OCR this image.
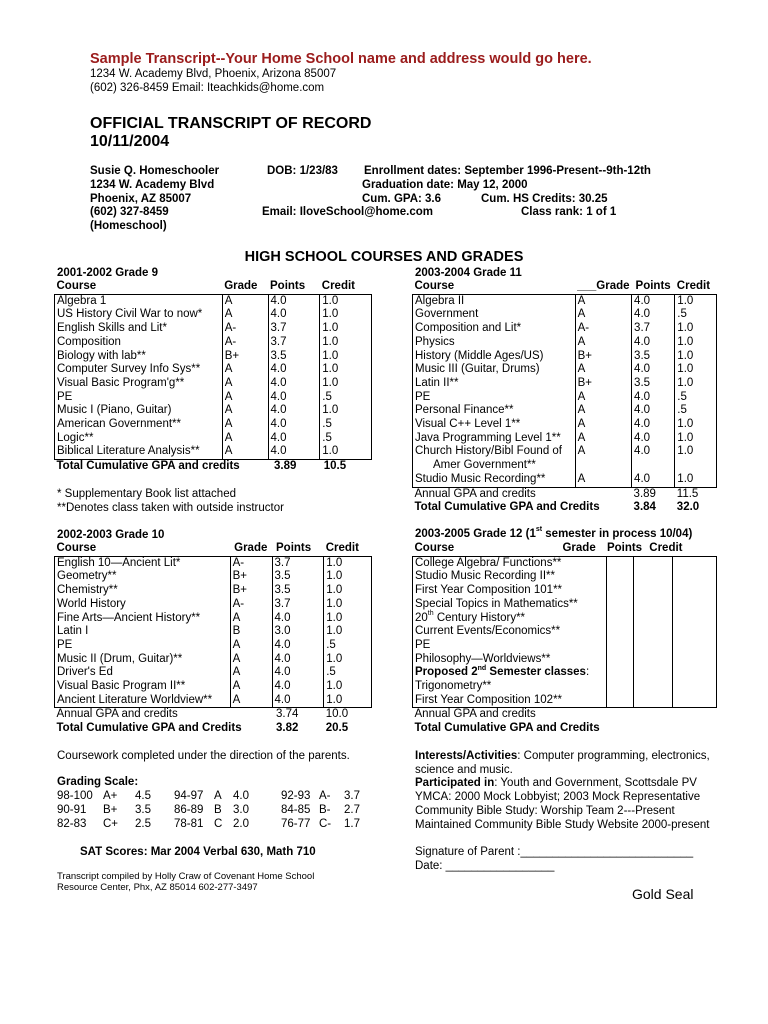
Sample Transcript--Your Home School name and address would go here.
1234 W. Academy Blvd, Phoenix, Arizona 85007
(602) 326-8459 Email: Iteachkids@home.com
OFFICIAL TRANSCRIPT OF RECORD
10/11/2004
Susie Q. Homeschooler
1234 W. Academy Blvd
Phoenix, AZ 85007
(602) 327-8459
(Homeschool)
DOB: 1/23/83 Enrollment dates: September 1996-Present--9th-12th
Graduation date: May 12, 2000
Cum. GPA: 3.6	Cum. HS Credits: 30.25
Email: IloveSchool@home.com	Class rank: 1 of 1
HIGH SCHOOL COURSES AND GRADES
2001-2002 Grade 9
Course	Grade	Points	Credit
Algebra 1	A	4.0	1.0
US History Civil War to now*	A	4.0	1.0
English Skills and Lit*	A-	3.7	1.0
Composition	A-	3.7	1.0
Biology with lab**	B+	3.5	1.0
Computer Survey Info Sys**	A	4.0	1.0
Visual Basic Program'g**	A	4.0	1.0
PE	A	4.0	.5
Music I (Piano, Guitar)	A	4.0	1.0
American Government**	A	4.0	.5
Logic**	A	4.0	.5
Biblical Literature Analysis**	A	4.0	1.0
Total Cumulative GPA and credits		3.89	10.5
* Supplementary Book list attached
**Denotes class taken with outside instructor
2002-2003 Grade 10
Course	Grade	Points	Credit
English 10—Ancient Lit*	A-	3.7	1.0
Geometry**	B+	3.5	1.0
Chemistry**	B+	3.5	1.0
World History	A-	3.7	1.0
Fine Arts—Ancient History**	A	4.0	1.0
Latin I	B	3.0	1.0
PE	A	4.0	.5
Music II (Drum, Guitar)**	A	4.0	1.0
Driver's Ed	A	4.0	.5
Visual Basic Program II**	A	4.0	1.0
Ancient Literature Worldview**	A	4.0	1.0
Annual GPA and credits		3.74	10.0
Total Cumulative GPA and Credits		3.82	20.5
Coursework completed under the direction of the parents.
Grading Scale:
98-100 A+ 4.5 94-97 A 4.0	92-93 A- 3.7
90-91 B+ 3.5 86-89 B 3.0	84-85 B- 2.7
82-83 C+ 2.5 78-81 C 2.0	76-77 C- 1.7
SAT Scores: Mar 2004 Verbal 630, Math 710
Transcript compiled by Holly Craw of Covenant Home School
Resource Center, Phx, AZ 85014 602-277-3497
2003-2004 Grade 11
Course	___Grade	Points	Credit
Algebra II	A	4.0	1.0
Government	A	4.0	.5
Composition and Lit*	A-	3.7	1.0
Physics	A	4.0	1.0
History (Middle Ages/US)	B+	3.5	1.0
Music III (Guitar, Drums)	A	4.0	1.0
Latin II**	B+	3.5	1.0
PE	A	4.0	.5
Personal Finance**	A	4.0	.5
Visual C++ Level 1**	A	4.0	1.0
Java Programming Level 1**	A	4.0	1.0
Church History/Bibl Found of	A	4.0	1.0
Amer Government**			
Studio Music Recording**	A	4.0	1.0
Annual GPA and credits		3.89	11.5
Total Cumulative GPA and Credits		3.84	32.0
2003-2005 Grade 12 (1st semester in process 10/04)
Course	Grade Points Credit		
College Algebra/ Functions**			
Studio Music Recording II**			
First Year Composition 101**			
Special Topics in Mathematics**			
20th Century History**			
Current Events/Economics**			
PE			
Philosophy—Worldviews**			
Proposed 2nd Semester classes:			
Trigonometry**			
First Year Composition 102**			
Annual GPA and credits			
Total Cumulative GPA and Credits			
Interests/Activities: Computer programming, electronics,
science and music.
Participated in: Youth and Government, Scottsdale PV
YMCA: 2000 Mock Lobbyist; 2003 Mock Representative
Community Bible Study: Worship Team 2---Present
Maintained Community Bible Study Website 2000-present
Signature of Parent :___________________________
Date: _________________
Gold Seal
